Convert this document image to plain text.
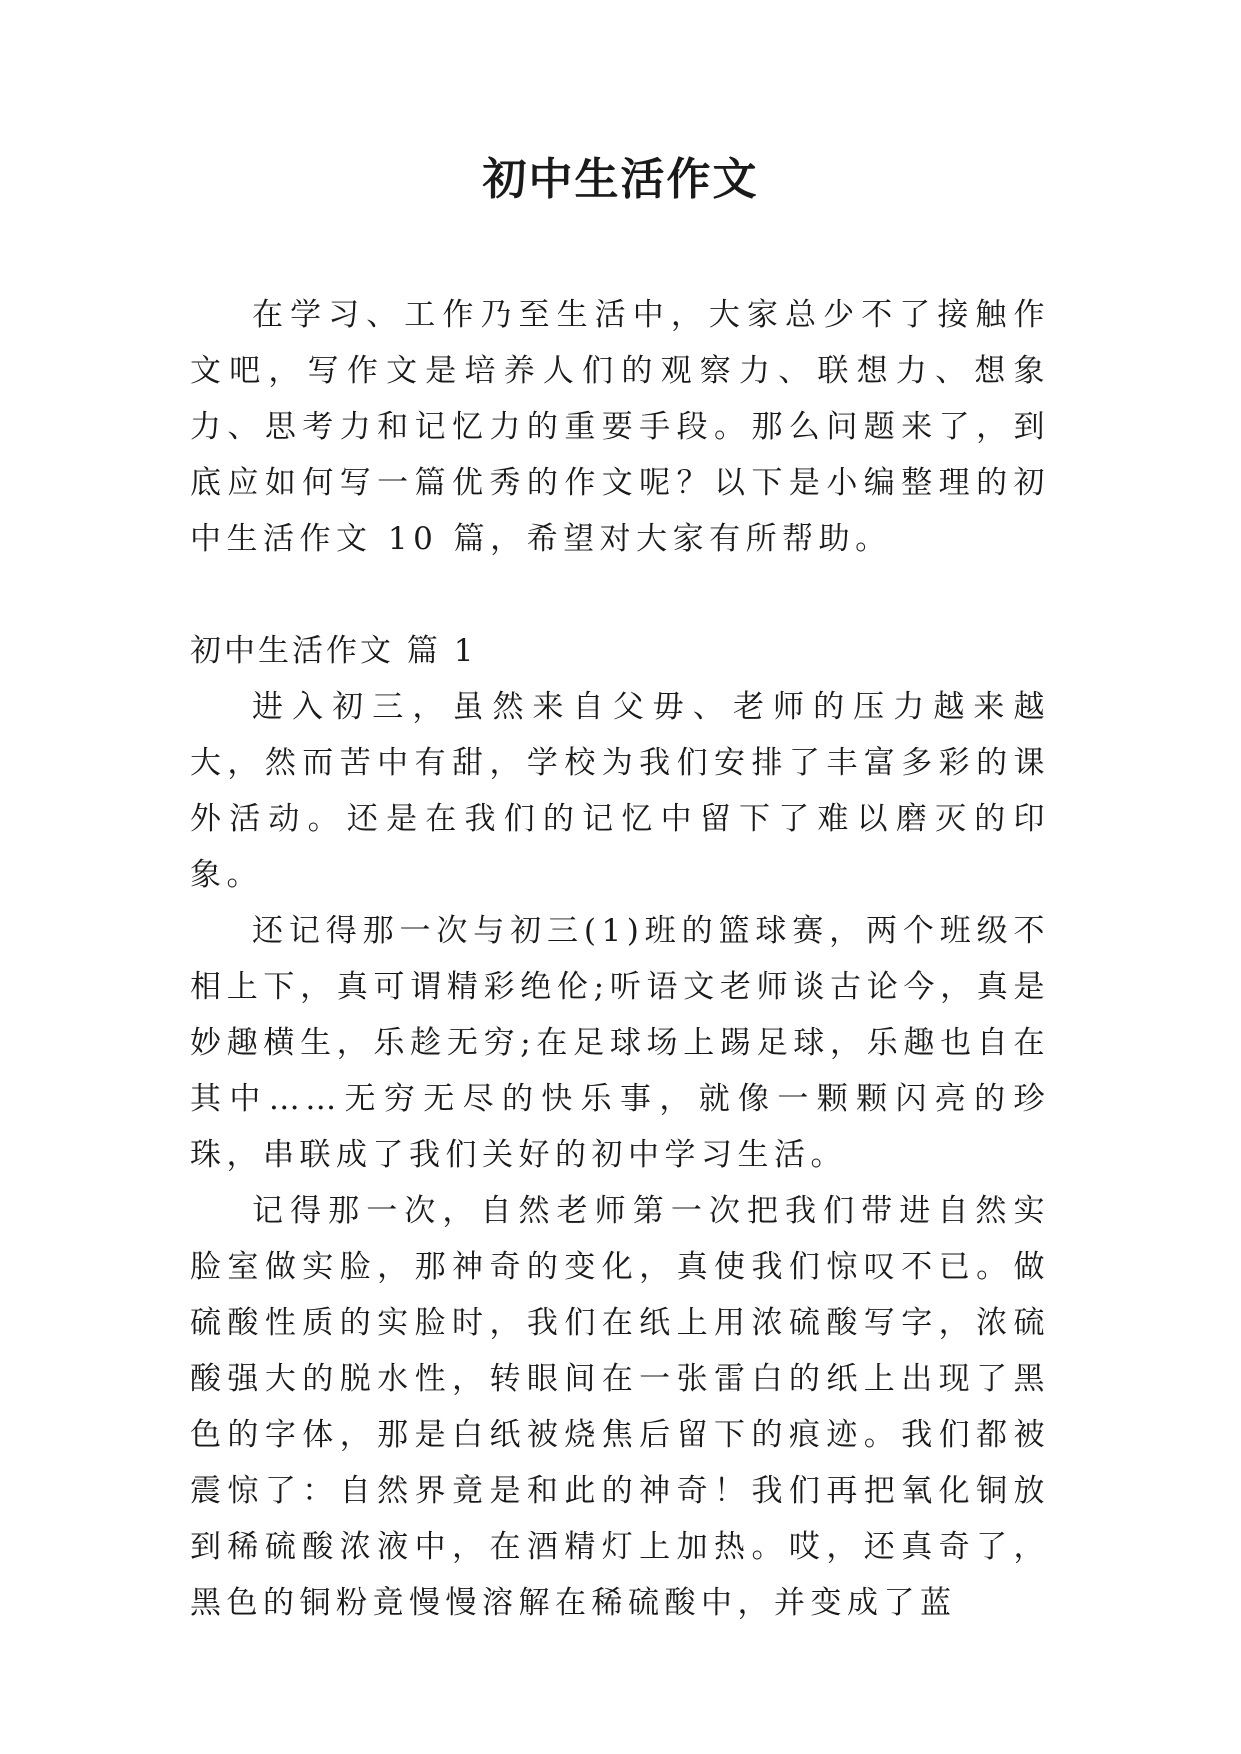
初中生活作文

在学习、工作乃至生活中，大家总少不了接触作文吧，写作文是培养人们的观察力、联想力、想象力、思考力和记忆力的重要手段。那么问题来了，到底应如何写一篇优秀的作文呢？以下是小编整理的初中生活作文 10 篇，希望对大家有所帮助。

初中生活作文 篇 1

进入初三，虽然来自父毋、老师的压力越来越大，然而苦中有甜，学校为我们安排了丰富多彩的课外活动。还是在我们的记忆中留下了难以磨灭的印象。

还记得那一次与初三(1)班的篮球赛，两个班级不相上下，真可谓精彩绝伦;听语文老师谈古论今，真是妙趣横生，乐趁无穷;在足球场上踢足球，乐趣也自在其中……无穷无尽的快乐事，就像一颗颗闪亮的珍珠，串联成了我们关好的初中学习生活。

记得那一次，自然老师第一次把我们带进自然实脸室做实脸，那神奇的变化，真使我们惊叹不已。做硫酸性质的实脸时，我们在纸上用浓硫酸写字，浓硫酸强大的脱水性，转眼间在一张雷白的纸上出现了黑色的字体，那是白纸被烧焦后留下的痕迹。我们都被震惊了：自然界竟是和此的神奇！我们再把氧化铜放到稀硫酸浓液中，在酒精灯上加热。哎，还真奇了，黑色的铜粉竟慢慢溶解在稀硫酸中，并变成了蓝
